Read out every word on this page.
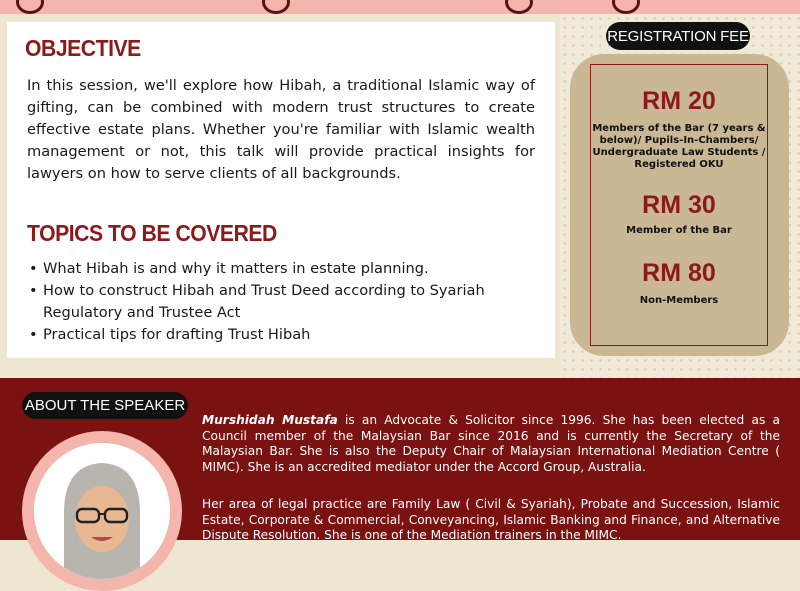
OBJECTIVE

In this session, we'll explore how Hibah, a traditional Islamic way of gifting, can be combined with modern trust structures to create effective estate plans. Whether you're familiar with Islamic wealth management or not, this talk will provide practical insights for lawyers on how to serve clients of all backgrounds.

TOPICS TO BE COVERED
• What Hibah is and why it matters in estate planning.
• How to construct Hibah and Trust Deed according to Syariah Regulatory and Trustee Act
• Practical tips for drafting Trust Hibah
REGISTRATION FEE

RM 20

Members of the Bar (7 years & below)/ Pupils-In-Chambers/ Undergraduate Law Students / Registered OKU

RM 30

Member of the Bar

RM 80

Non-Members

ABOUT THE SPEAKER

Murshidah Mustafa is an Advocate & Solicitor since 1996. She has been elected as a Council member of the Malaysian Bar since 2016 and is currently the Secretary of the Malaysian Bar. She is also the Deputy Chair of Malaysian International Mediation Centre ( MIMC). She is an accredited mediator under the Accord Group, Australia.

Her area of legal practice are Family Law ( Civil & Syariah), Probate and Succession, Islamic Estate, Corporate & Commercial, Conveyancing, Islamic Banking and Finance, and Alternative Dispute Resolution. She is one of the Mediation trainers in the MIMC.
